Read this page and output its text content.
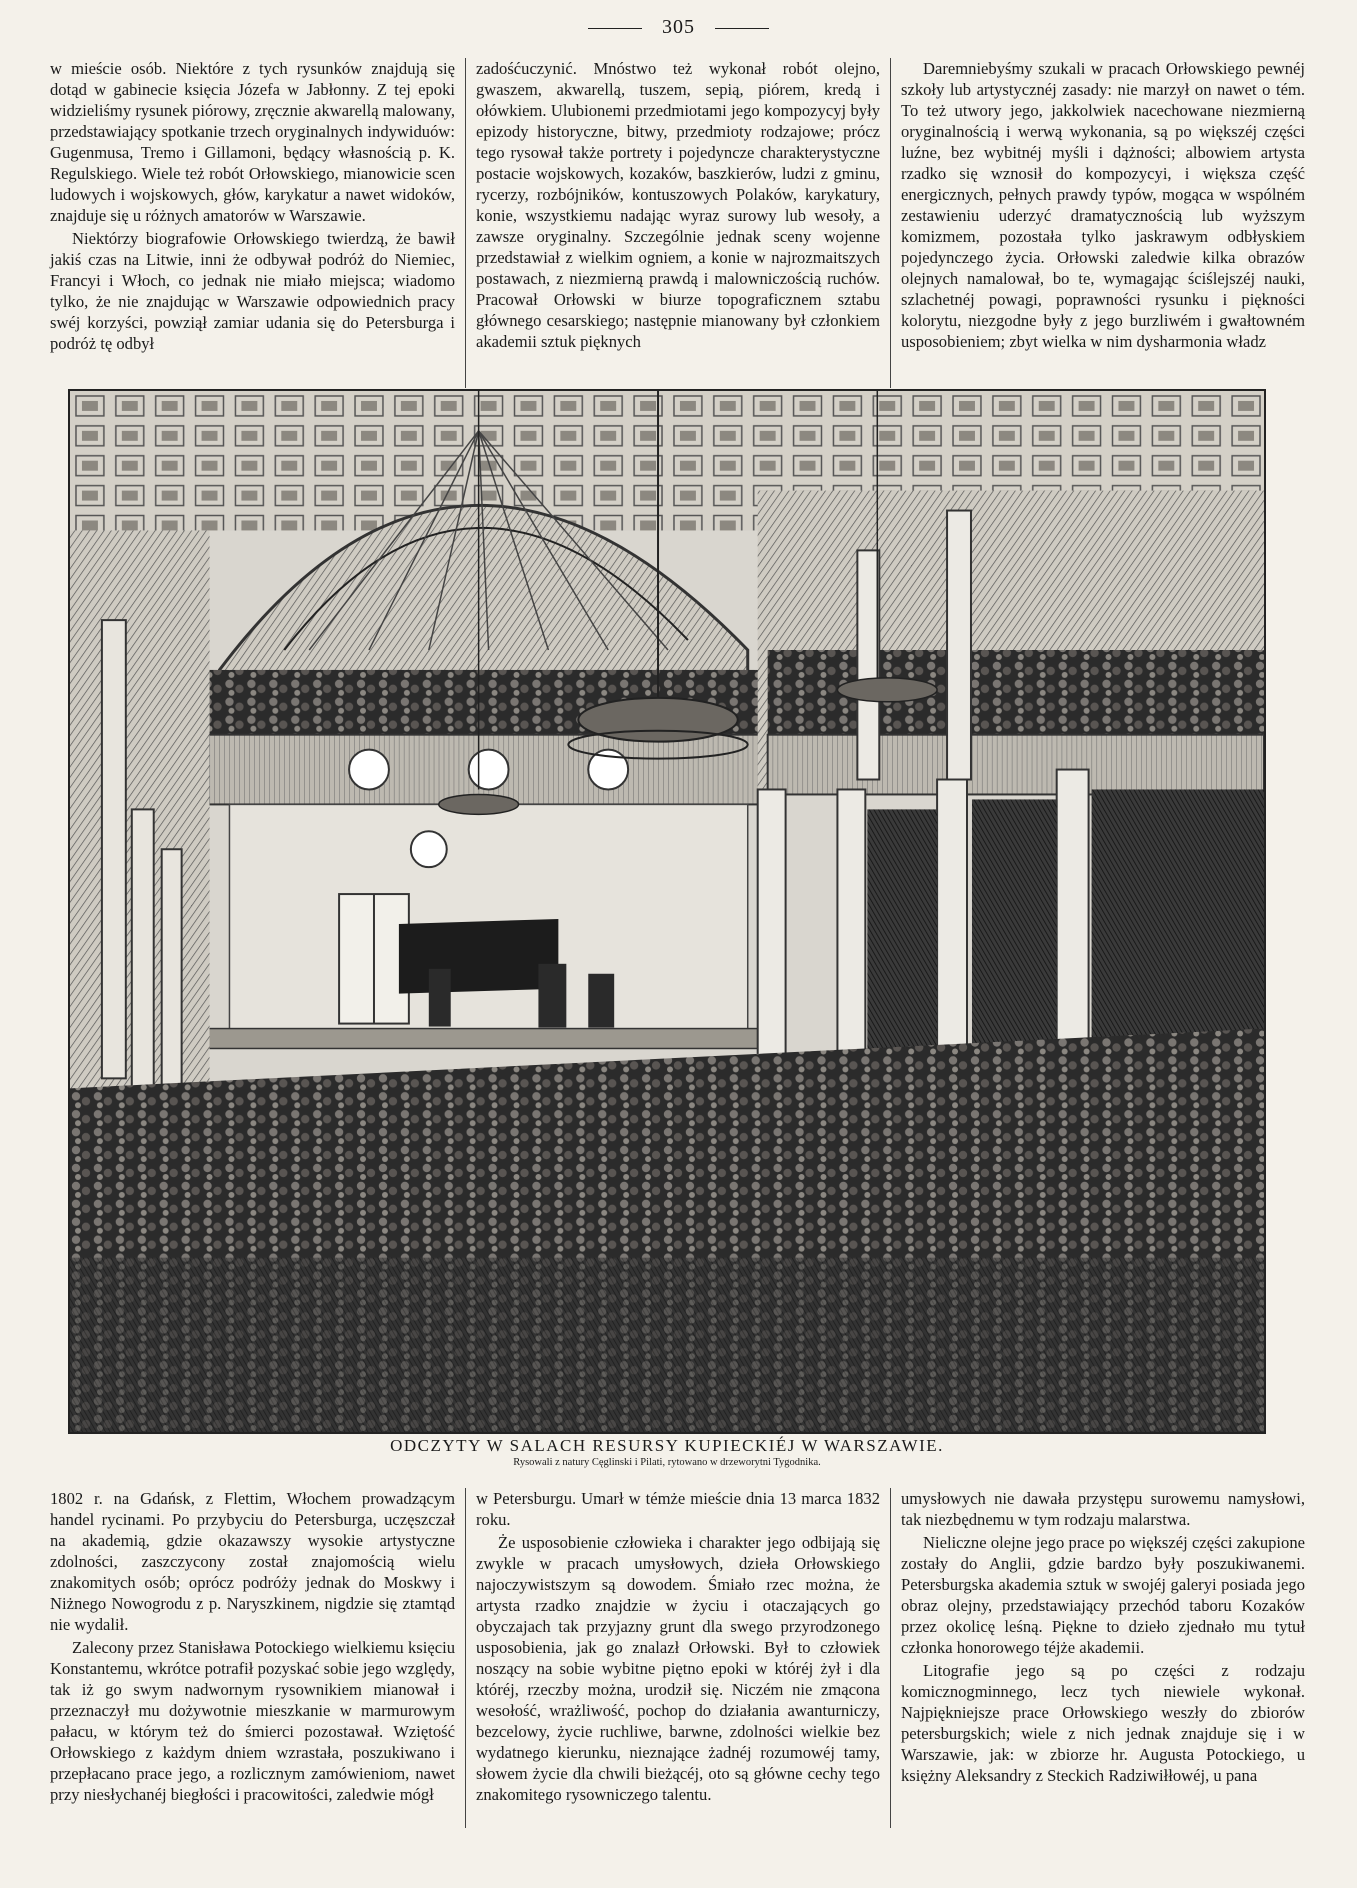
305

w mieście osób. Niektóre z tych rysunków znajdują się dotąd w gabinecie księcia Józefa w Jabłonny. Z tej epoki widzieliśmy rysunek piórowy, zręcznie akwarellą malowany, przedstawiający spotkanie trzech oryginalnych indywiduów: Gugenmusa, Tremo i Gillamoni, będący własnością p. K. Regulskiego. Wiele też robót Orłowskiego, mianowicie scen ludowych i wojskowych, głów, karykatur a nawet widoków, znajduje się u różnych amatorów w Warszawie.

Niektórzy biografowie Orłowskiego twierdzą, że bawił jakiś czas na Litwie, inni że odbywał podróż do Niemiec, Francyi i Włoch, co jednak nie miało miejsca; wiadomo tylko, że nie znajdując w Warszawie odpowiednich pracy swéj korzyści, powziął zamiar udania się do Petersburga i podróż tę odbył

zadośćuczynić. Mnóstwo też wykonał robót olejno, gwaszem, akwarellą, tuszem, sepią, piórem, kredą i ołówkiem. Ulubionemi przedmiotami jego kompozycyj były epizody historyczne, bitwy, przedmioty rodzajowe; prócz tego rysował także portrety i pojedyncze charakterystyczne postacie wojskowych, kozaków, baszkierów, ludzi z gminu, rycerzy, rozbójników, kontuszowych Polaków, karykatury, konie, wszystkiemu nadając wyraz surowy lub wesoły, a zawsze oryginalny. Szczególnie jednak sceny wojenne przedstawiał z wielkim ogniem, a konie w najrozmaitszych postawach, z niezmierną prawdą i malowniczością ruchów. Pracował Orłowski w biurze topograficznem sztabu głównego cesarskiego; następnie mianowany był członkiem akademii sztuk pięknych

Daremniebyśmy szukali w pracach Orłowskiego pewnéj szkoły lub artystycznéj zasady: nie marzył on nawet o tém. To też utwory jego, jakkolwiek nacechowane niezmierną oryginalnością i werwą wykonania, są po większéj części luźne, bez wybitnéj myśli i dążności; albowiem artysta rzadko się wznosił do kompozycyi, i większa część energicznych, pełnych prawdy typów, mogąca w wspólném zestawieniu uderzyć dramatycznością lub wyższym komizmem, pozostała tylko jaskrawym odbłyskiem pojedynczego życia. Orłowski zaledwie kilka obrazów olejnych namalował, bo te, wymagając ściślejszéj nauki, szlachetnéj powagi, poprawności rysunku i piękności kolorytu, niezgodne były z jego burzliwém i gwałtowném usposobieniem; zbyt wielka w nim dysharmonia władz

ODCZYTY W SALACH RESURSY KUPIECKIÉJ W WARSZAWIE.
Rysowali z natury Cęglinski i Pilati, rytowano w drzeworytni Tygodnika.

1802 r. na Gdańsk, z Flettim, Włochem prowadzącym handel rycinami. Po przybyciu do Petersburga, uczęszczał na akademią, gdzie okazawszy wysokie artystyczne zdolności, zaszczycony został znajomością wielu znakomitych osób; oprócz podróży jednak do Moskwy i Niżnego Nowogrodu z p. Naryszkinem, nigdzie się ztamtąd nie wydalił.

Zalecony przez Stanisława Potockiego wielkiemu księciu Konstantemu, wkrótce potrafił pozyskać sobie jego względy, tak iż go swym nadwornym rysownikiem mianował i przeznaczył mu dożywotnie mieszkanie w marmurowym pałacu, w którym też do śmierci pozostawał. Wziętość Orłowskiego z każdym dniem wzrastała, poszukiwano i przepłacano prace jego, a rozlicznym zamówieniom, nawet przy niesłychanéj biegłości i pracowitości, zaledwie mógł

w Petersburgu. Umarł w témże mieście dnia 13 marca 1832 roku.

Że usposobienie człowieka i charakter jego odbijają się zwykle w pracach umysłowych, dzieła Orłowskiego najoczywistszym są dowodem. Śmiało rzec można, że artysta rzadko znajdzie w życiu i otaczających go obyczajach tak przyjazny grunt dla swego przyrodzonego usposobienia, jak go znalazł Orłowski. Był to człowiek noszący na sobie wybitne piętno epoki w któréj żył i dla któréj, rzeczby można, urodził się. Niczém nie zmącona wesołość, wrażliwość, pochop do działania awanturniczy, bezcelowy, życie ruchliwe, barwne, zdolności wielkie bez wydatnego kierunku, nieznające żadnéj rozumowéj tamy, słowem życie dla chwili bieżącéj, oto są główne cechy tego znakomitego rysowniczego talentu.

umysłowych nie dawała przystępu surowemu namysłowi, tak niezbędnemu w tym rodzaju malarstwa.

Nieliczne olejne jego prace po większéj części zakupione zostały do Anglii, gdzie bardzo były poszukiwanemi. Petersburgska akademia sztuk w swojéj galeryi posiada jego obraz olejny, przedstawiający przechód taboru Kozaków przez okolicę leśną. Piękne to dzieło zjednało mu tytuł członka honorowego téjże akademii.

Litografie jego są po części z rodzaju komicznogminnego, lecz tych niewiele wykonał. Najpiękniejsze prace Orłowskiego weszły do zbiorów petersburgskich; wiele z nich jednak znajduje się i w Warszawie, jak: w zbiorze hr. Augusta Potockiego, u księżny Aleksandry z Steckich Radziwiłłowéj, u pana
